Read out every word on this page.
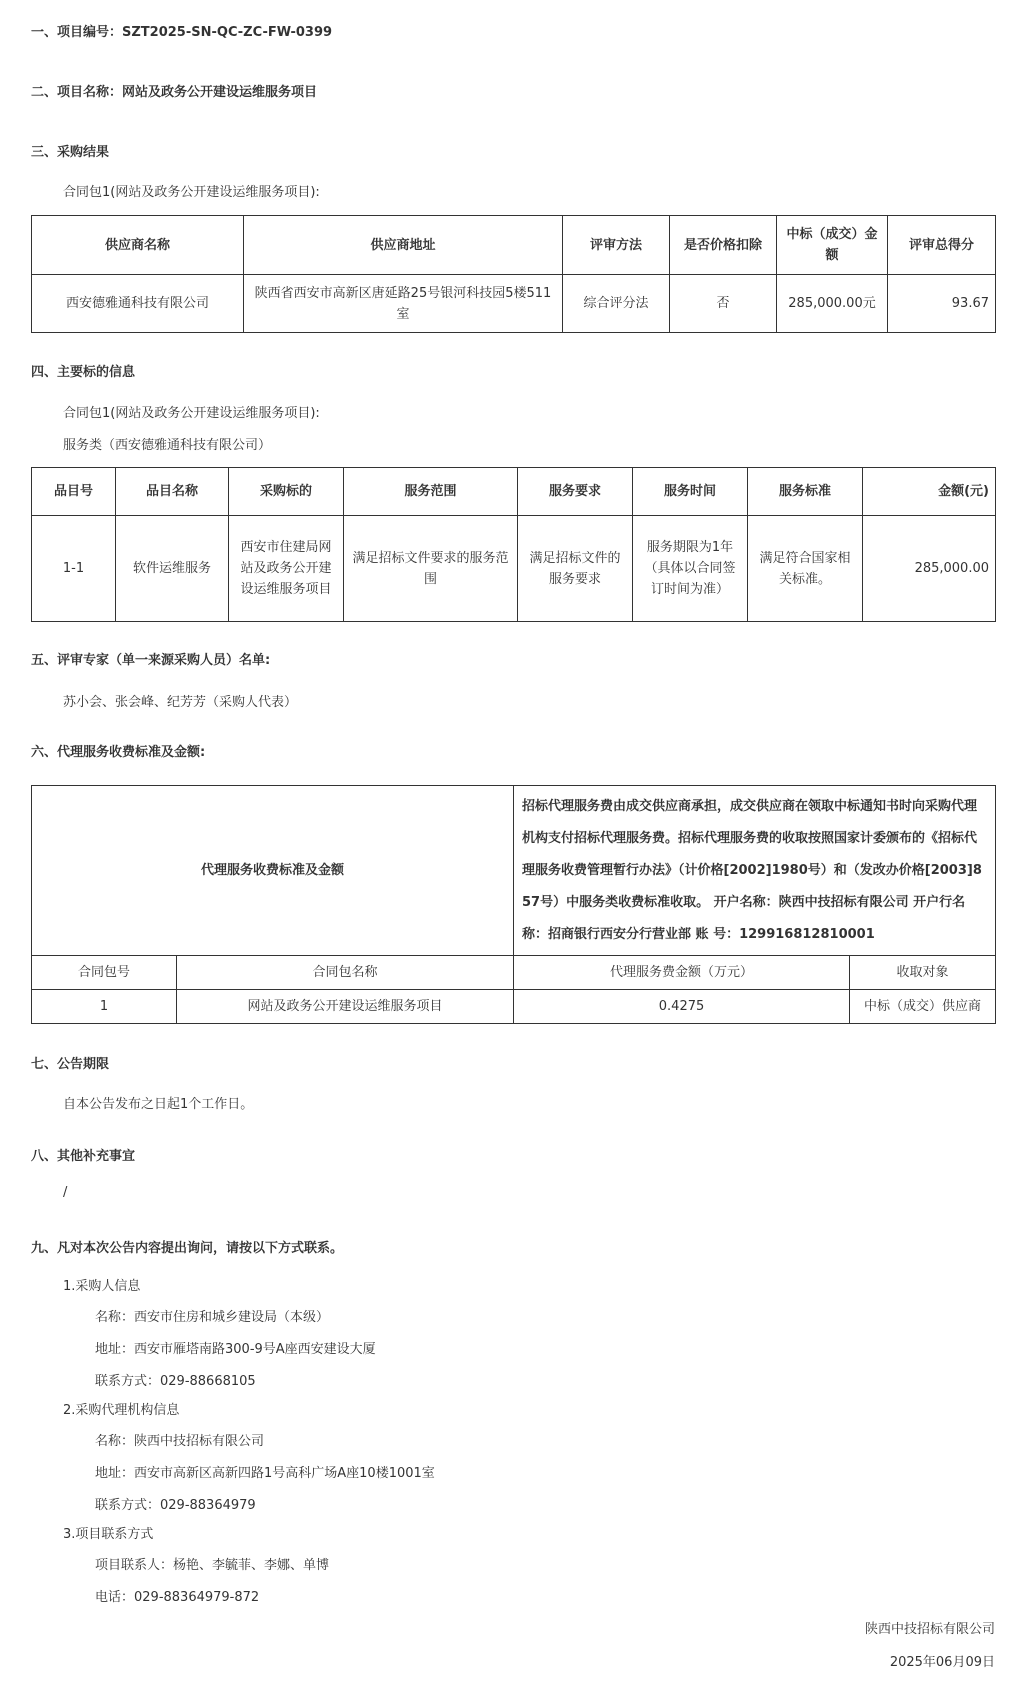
一、项目编号：SZT2025-SN-QC-ZC-FW-0399
二、项目名称：网站及政务公开建设运维服务项目
三、采购结果
合同包1(网站及政务公开建设运维服务项目):
供应商名称	供应商地址	评审方法	是否价格扣除	中标（成交）金额	评审总得分
西安德雅通科技有限公司	陕西省西安市高新区唐延路25号银河科技园5楼511室	综合评分法	否	285,000.00元	93.67
四、主要标的信息
合同包1(网站及政务公开建设运维服务项目):
服务类（西安德雅通科技有限公司）
品目号	品目名称	采购标的	服务范围	服务要求	服务时间	服务标准	金额(元)
1-1	软件运维服务	西安市住建局网站及政务公开建设运维服务项目	满足招标文件要求的服务范围	满足招标文件的服务要求	服务期限为1年（具体以合同签订时间为准）	满足符合国家相关标准。	285,000.00
五、评审专家（单一来源采购人员）名单:
苏小会、张会峰、纪芳芳（采购人代表）
六、代理服务收费标准及金额:
代理服务收费标准及金额		招标代理服务费由成交供应商承担，成交供应商在领取中标通知书时向采购代理机构支付招标代理服务费。招标代理服务费的收取按照国家计委颁布的《招标代理服务收费管理暂行办法》（计价格[2002]1980号）和（发改办价格[2003]857号）中服务类收费标准收取。 开户名称：陕西中技招标有限公司 开户行名称：招商银行西安分行营业部 账 号：129916812810001	
合同包号	合同包名称	代理服务费金额（万元）	收取对象
1	网站及政务公开建设运维服务项目	0.4275	中标（成交）供应商
七、公告期限
自本公告发布之日起1个工作日。
八、其他补充事宜
/
九、凡对本次公告内容提出询问，请按以下方式联系。
1.采购人信息
名称：西安市住房和城乡建设局（本级）
地址：西安市雁塔南路300-9号A座西安建设大厦
联系方式：029-88668105
2.采购代理机构信息
名称：陕西中技招标有限公司
地址：西安市高新区高新四路1号高科广场A座10楼1001室
联系方式：029-88364979
3.项目联系方式
项目联系人：杨艳、李毓菲、李娜、单博
电话：029-88364979-872
陕西中技招标有限公司
2025年06月09日
